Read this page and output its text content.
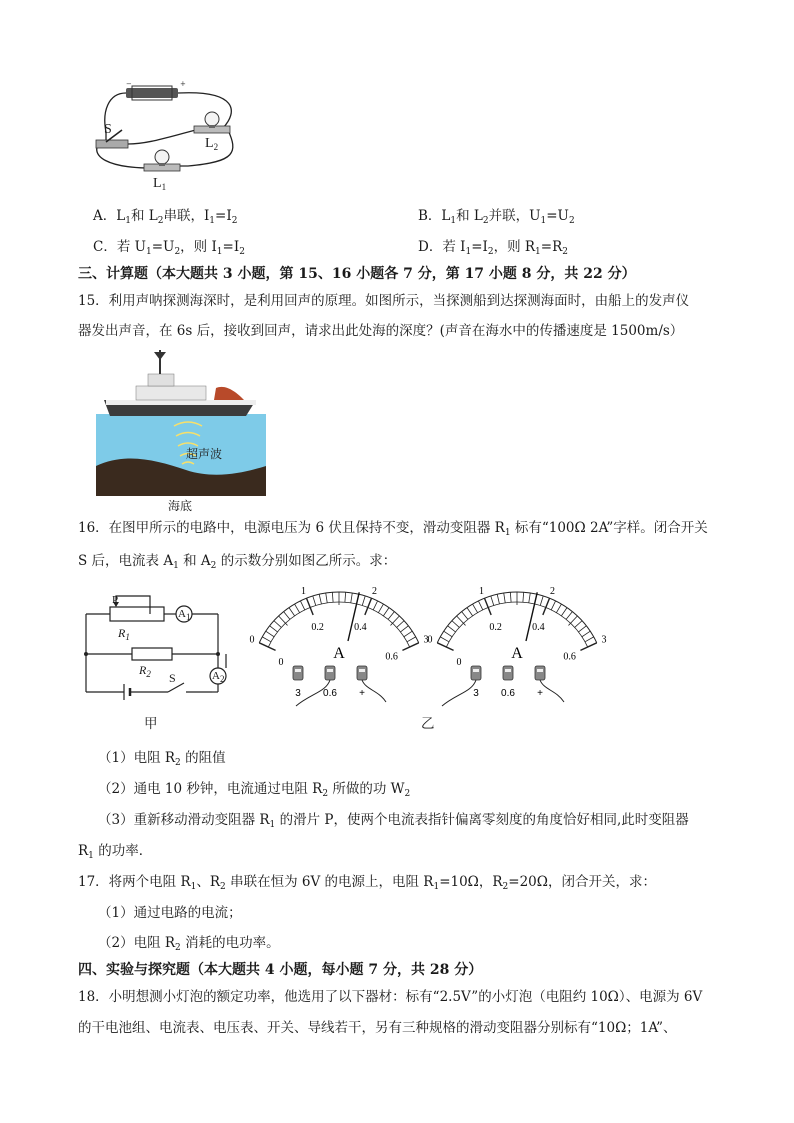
−	+
S
$L_2$
$L_1$
A．$L_1$和 $L_2$串联，$I_1=I_2$	B．$L_1$和 $L_2$并联，$U_1=U_2$
C．若 $U_1=U_2$，则 $I_1=I_2$	D．若 $I_1=I_2$，则 $R_1=R_2$
三、计算题（本大题共 3 小题，第 15、16 小题各 7 分，第 17 小题 8 分，共 22 分）
15．利用声呐探测海深时，是利用回声的原理。如图所示，当探测船到达探测海面时，由船上的发声仪
器发出声音，在 6s 后，接收到回声，请求出此处海的深度？(声音在海水中的传播速度是 1500m/s）
超声波
海底
16．在图甲所示的电路中，电源电压为 6 伏且保持不变，滑动变阻器 $R_1$ 标有“100Ω 2A”字样。闭合开关
S 后，电流表 $A_1$ 和 $A_2$ 的示数分别如图乙所示。求：
P
$R_1$
$A_1$
$R_2$ S	$A_2$
甲
0
1	2
3
0.2	0.4
0.6
0
A
3 0.6 +
0
1	2
3
0.2	0.4
0.6
0
A
3 0.6 +
乙
（1）电阻 $R_2$ 的阻值
（2）通电 10 秒钟，电流通过电阻 $R_2$ 所做的功 $W_2$
（3）重新移动滑动变阻器 $R_1$ 的滑片 P，使两个电流表指针偏离零刻度的角度恰好相同,此时变阻器
$R_1$ 的功率．
17．将两个电阻 $R_1$、$R_2$ 串联在恒为 6V 的电源上，电阻 $R_1=10\Omega$，$R_2=20\Omega$，闭合开关，求：
（1）通过电路的电流；
（2）电阻 $R_2$ 消耗的电功率。
四、实验与探究题（本大题共 4 小题，每小题 7 分，共 28 分）
18．小明想测小灯泡的额定功率，他选用了以下器材：标有“2.5V”的小灯泡（电阻约 10Ω）、电源为 6V
的干电池组、电流表、电压表、开关、导线若干，另有三种规格的滑动变阻器分别标有“10Ω；1A”、
